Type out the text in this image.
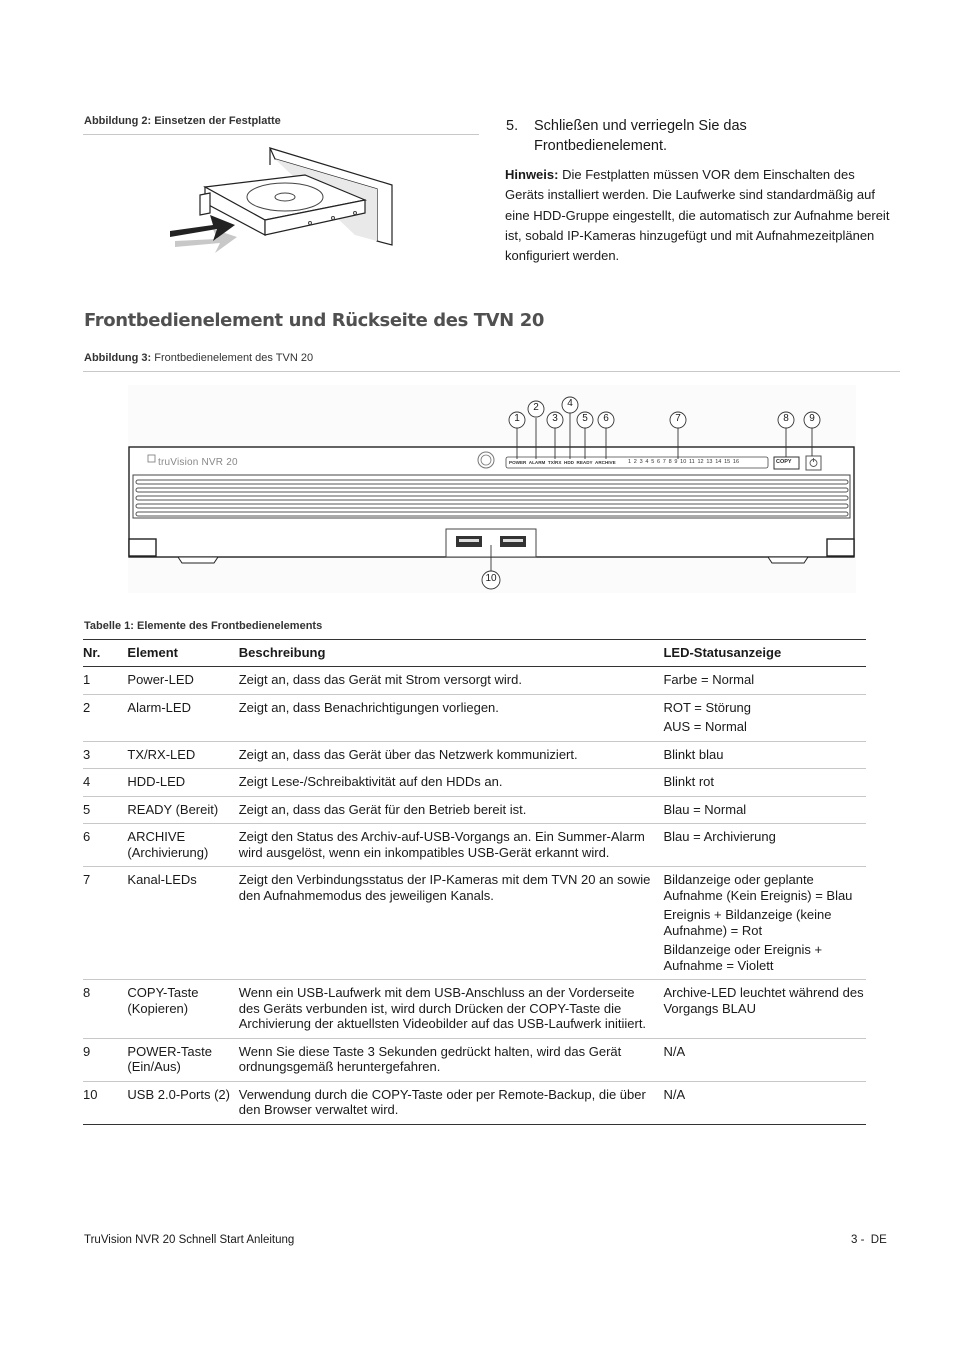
Abbildung 2: Einsetzen der Festplatte	5. Schließen und verriegeln Sie das Frontbedienelement.
Hinweis: Die Festplatten müssen VOR dem Einschalten des Geräts installiert werden. Die Laufwerke sind standardmäßig auf eine HDD-Gruppe eingestellt, die automatisch zur Aufnahme bereit ist, sobald IP-Kameras hinzugefügt und mit Aufnahmezeitplänen konfiguriert werden.
Frontbedienelement und Rückseite des TVN 20
Abbildung 3: Frontbedienelement des TVN 20
truVision NVR 20	POWER ALARM TX/RX HDD READY ARCHIVE 1 2 3 4 5 6 7 8 9 10 11 12 13 14 15 16	COPY
1
2
3
4
5 6	7	8 9
10
Tabelle 1: Elemente des Frontbedienelements
Nr.	Element	Beschreibung	LED-Statusanzeige
1	Power-LED	Zeigt an, dass das Gerät mit Strom versorgt wird.	Farbe = Normal

2	Alarm-LED	Zeigt an, dass Benachrichtigungen vorliegen.	ROT = Störung
AUS = Normal

3	TX/RX-LED	Zeigt an, dass das Gerät über das Netzwerk kommuniziert.	Blinkt blau

4	HDD-LED	Zeigt Lese-/Schreibaktivität auf den HDDs an.	Blinkt rot

5	READY (Bereit)	Zeigt an, dass das Gerät für den Betrieb bereit ist.	Blau = Normal

6	ARCHIVE (Archivierung)	Zeigt den Status des Archiv-auf-USB-Vorgangs an. Ein Summer-Alarm wird ausgelöst, wenn ein inkompatibles USB-Gerät erkannt wird.	Blau = Archivierung

7	Kanal-LEDs	Zeigt den Verbindungsstatus der IP-Kameras mit dem TVN 20 an sowie den Aufnahmemodus des jeweiligen Kanals.	Bildanzeige oder geplante Aufnahme (Kein Ereignis) = Blau
Ereignis + Bildanzeige (keine Aufnahme) = Rot
Bildanzeige oder Ereignis + Aufnahme = Violett

8	COPY-Taste (Kopieren)	Wenn ein USB-Laufwerk mit dem USB-Anschluss an der Vorderseite des Geräts verbunden ist, wird durch Drücken der COPY-Taste die Archivierung der aktuellsten Videobilder auf das USB-Laufwerk initiiert.	Archive-LED leuchtet während des Vorgangs BLAU

9	POWER-Taste (Ein/Aus)	Wenn Sie diese Taste 3 Sekunden gedrückt halten, wird das Gerät ordnungsgemäß heruntergefahren.	N/A

10	USB 2.0-Ports (2)	Verwendung durch die COPY-Taste oder per Remote-Backup, die über den Browser verwaltet wird.	N/A
TruVision NVR 20 Schnell Start Anleitung	3 -  DE
